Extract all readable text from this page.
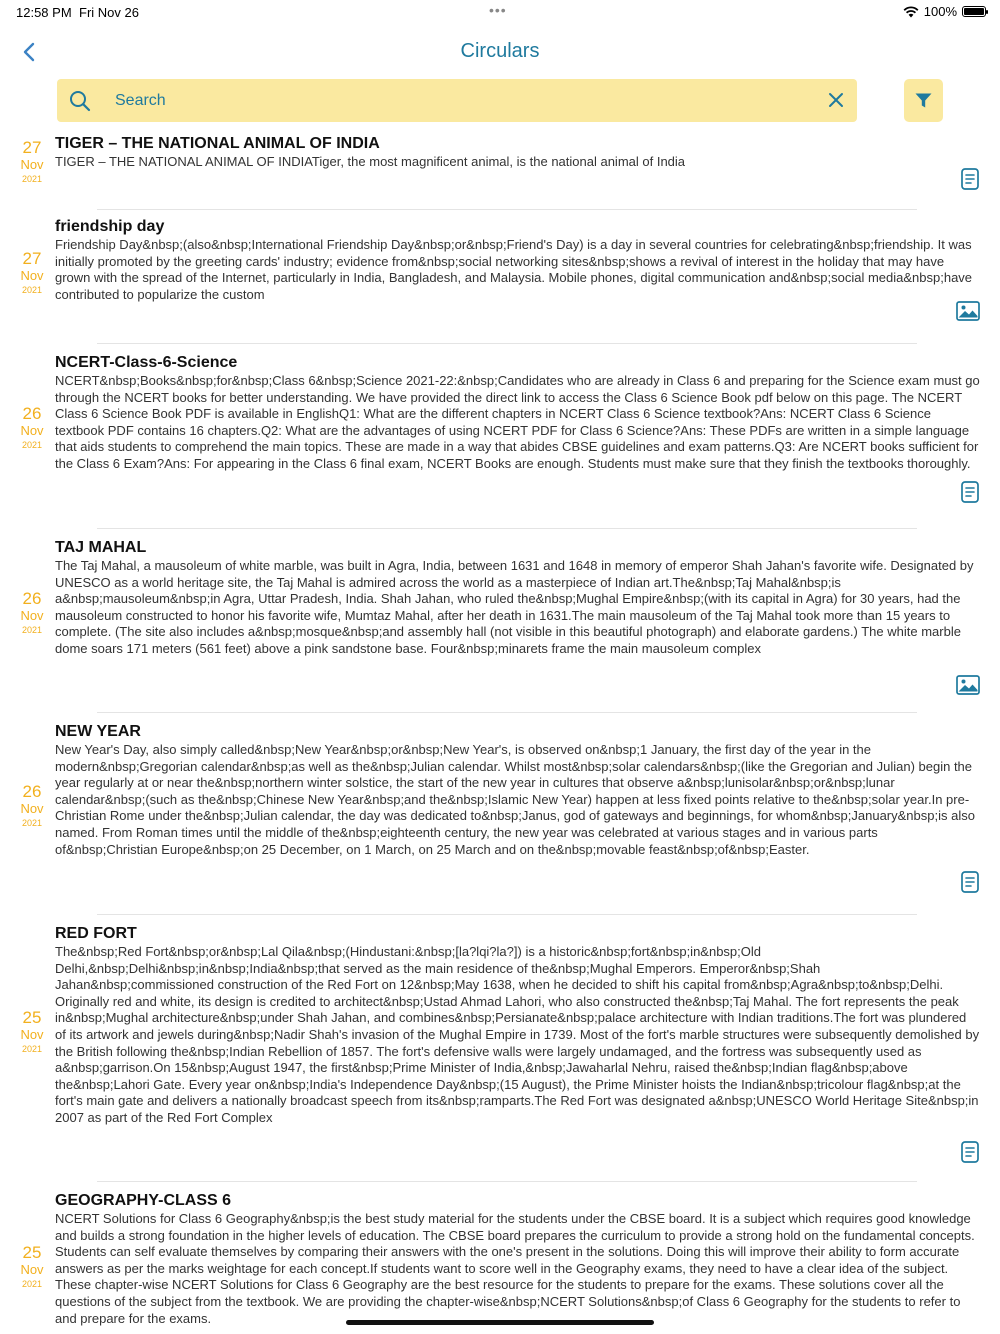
12:58 PM Fri Nov 26	•••	100%
Circulars
Search
27
Nov
2021
TIGER – THE NATIONAL ANIMAL OF INDIA
TIGER – THE NATIONAL ANIMAL OF INDIATiger, the most magnificent animal, is the national animal of India
27
Nov
2021
friendship day
Friendship Day&nbsp;(also&nbsp;International Friendship Day&nbsp;or&nbsp;Friend's Day) is a day in several countries for celebrating&nbsp;friendship. It was initially promoted by the greeting cards' industry; evidence from&nbsp;social networking sites&nbsp;shows a revival of interest in the holiday that may have grown with the spread of the Internet, particularly in India, Bangladesh, and Malaysia. Mobile phones, digital communication and&nbsp;social media&nbsp;have contributed to popularize the custom
26
Nov
2021
NCERT-Class-6-Science
NCERT&nbsp;Books&nbsp;for&nbsp;Class 6&nbsp;Science 2021-22:&nbsp;Candidates who are already in Class 6 and preparing for the Science exam must go through the NCERT books for better understanding. We have provided the direct link to access the Class 6 Science Book pdf below on this page. The NCERT Class 6 Science Book PDF is available in EnglishQ1: What are the different chapters in NCERT Class 6 Science textbook?Ans: NCERT Class 6 Science textbook PDF contains 16 chapters.Q2: What are the advantages of using NCERT PDF for Class 6 Science?Ans: These PDFs are written in a simple language that aids students to comprehend the main topics. These are made in a way that abides CBSE guidelines and exam patterns.Q3: Are NCERT books sufficient for the Class 6 Exam?Ans: For appearing in the Class 6 final exam, NCERT Books are enough. Students must make sure that they finish the textbooks thoroughly.
26
Nov
2021
TAJ MAHAL
The Taj Mahal, a mausoleum of white marble, was built in Agra, India, between 1631 and 1648 in memory of emperor Shah Jahan's favorite wife. Designated by UNESCO as a world heritage site, the Taj Mahal is admired across the world as a masterpiece of Indian art.The&nbsp;Taj Mahal&nbsp;is a&nbsp;mausoleum&nbsp;in Agra, Uttar Pradesh, India. Shah Jahan, who ruled the&nbsp;Mughal Empire&nbsp;(with its capital in Agra) for 30 years, had the mausoleum constructed to honor his favorite wife, Mumtaz Mahal, after her death in 1631.The main mausoleum of the Taj Mahal took more than 15 years to complete. (The site also includes a&nbsp;mosque&nbsp;and assembly hall (not visible in this beautiful photograph) and elaborate gardens.) The white marble dome soars 171 meters (561 feet) above a pink sandstone base. Four&nbsp;minarets frame the main mausoleum complex
26
Nov
2021
NEW YEAR
New Year's Day, also simply called&nbsp;New Year&nbsp;or&nbsp;New Year's, is observed on&nbsp;1 January, the first day of the year in the modern&nbsp;Gregorian calendar&nbsp;as well as the&nbsp;Julian calendar. Whilst most&nbsp;solar calendars&nbsp;(like the Gregorian and Julian) begin the year regularly at or near the&nbsp;northern winter solstice, the start of the new year in cultures that observe a&nbsp;lunisolar&nbsp;or&nbsp;lunar calendar&nbsp;(such as the&nbsp;Chinese New Year&nbsp;and the&nbsp;Islamic New Year) happen at less fixed points relative to the&nbsp;solar year.In pre-Christian Rome under the&nbsp;Julian calendar, the day was dedicated to&nbsp;Janus, god of gateways and beginnings, for whom&nbsp;January&nbsp;is also named. From Roman times until the middle of the&nbsp;eighteenth century, the new year was celebrated at various stages and in various parts of&nbsp;Christian Europe&nbsp;on 25 December, on 1 March, on 25 March and on the&nbsp;movable feast&nbsp;of&nbsp;Easter.
25
Nov
2021
RED FORT
The&nbsp;Red Fort&nbsp;or&nbsp;Lal Qila&nbsp;(Hindustani:&nbsp;[la?lqi?la?]) is a historic&nbsp;fort&nbsp;in&nbsp;Old Delhi,&nbsp;Delhi&nbsp;in&nbsp;India&nbsp;that served as the main residence of the&nbsp;Mughal Emperors. Emperor&nbsp;Shah Jahan&nbsp;commissioned construction of the Red Fort on 12&nbsp;May 1638, when he decided to shift his capital from&nbsp;Agra&nbsp;to&nbsp;Delhi. Originally red and white, its design is credited to architect&nbsp;Ustad Ahmad Lahori, who also constructed the&nbsp;Taj Mahal. The fort represents the peak in&nbsp;Mughal architecture&nbsp;under Shah Jahan, and combines&nbsp;Persianate&nbsp;palace architecture with Indian traditions.The fort was plundered of its artwork and jewels during&nbsp;Nadir Shah's invasion of the Mughal Empire in 1739. Most of the fort's marble structures were subsequently demolished by the British following the&nbsp;Indian Rebellion of 1857. The fort's defensive walls were largely undamaged, and the fortress was subsequently used as a&nbsp;garrison.On 15&nbsp;August 1947, the first&nbsp;Prime Minister of India,&nbsp;Jawaharlal Nehru, raised the&nbsp;Indian flag&nbsp;above the&nbsp;Lahori Gate. Every year on&nbsp;India's Independence Day&nbsp;(15 August), the Prime Minister hoists the Indian&nbsp;tricolour flag&nbsp;at the fort's main gate and delivers a nationally broadcast speech from its&nbsp;ramparts.The Red Fort was designated a&nbsp;UNESCO World Heritage Site&nbsp;in 2007 as part of the Red Fort Complex
25
Nov
2021
GEOGRAPHY-CLASS 6
NCERT Solutions for Class 6 Geography&nbsp;is the best study material for the students under the CBSE board. It is a subject which requires good knowledge and builds a strong foundation in the higher levels of education. The CBSE board prepares the curriculum to provide a strong hold on the fundamental concepts. Students can self evaluate themselves by comparing their answers with the one's present in the solutions. Doing this will improve their ability to form accurate answers as per the marks weightage for each concept.If students want to score well in the Geography exams, they need to have a clear idea of the subject. These chapter-wise NCERT Solutions for Class 6 Geography are the best resource for the students to prepare for the exams. These solutions cover all the questions of the subject from the textbook. We are providing the chapter-wise&nbsp;NCERT Solutions&nbsp;of Class 6 Geography for the students to refer to and prepare for the exams.
